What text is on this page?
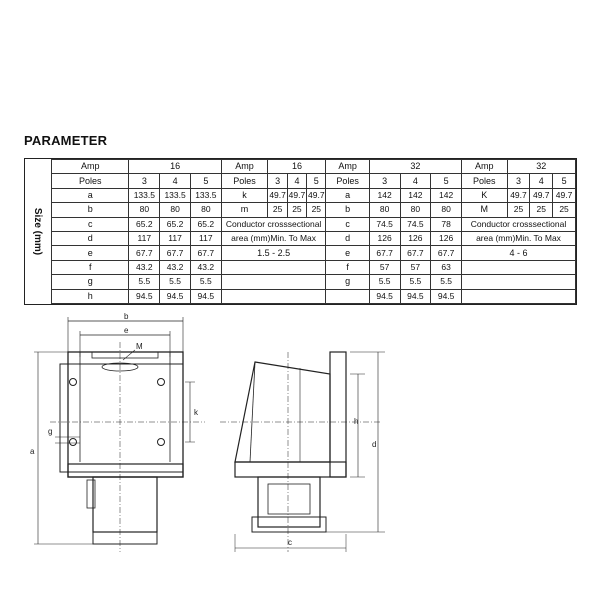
PARAMETER
Size (mm)
Amp	16			Amp	16			Amp	32			Amp	32		
Poles	3	4	5	Poles	3	4	5	Poles	3	4	5	Poles	3	4	5
a	133.5	133.5	133.5	k	49.7	49.7	49.7	a	142	142	142	K	49.7	49.7	49.7
b	80	80	80	m	25	25	25	b	80	80	80	M	25	25	25
c	65.2	65.2	65.2	Conductor crosssectional				c	74.5	74.5	78	Conductor crosssectional			
d	117	117	117	area (mm)Min. To Max				d	126	126	126	area (mm)Min. To Max			
e	67.7	67.7	67.7	1.5 - 2.5				e	67.7	67.7	67.7	4 - 6			
f	43.2	43.2	43.2					f	57	57	63				
g	5.5	5.5	5.5					g	5.5	5.5	5.5				
h	94.5	94.5	94.5						94.5	94.5	94.5				
b
e
M
k
a
g
h
d
c
